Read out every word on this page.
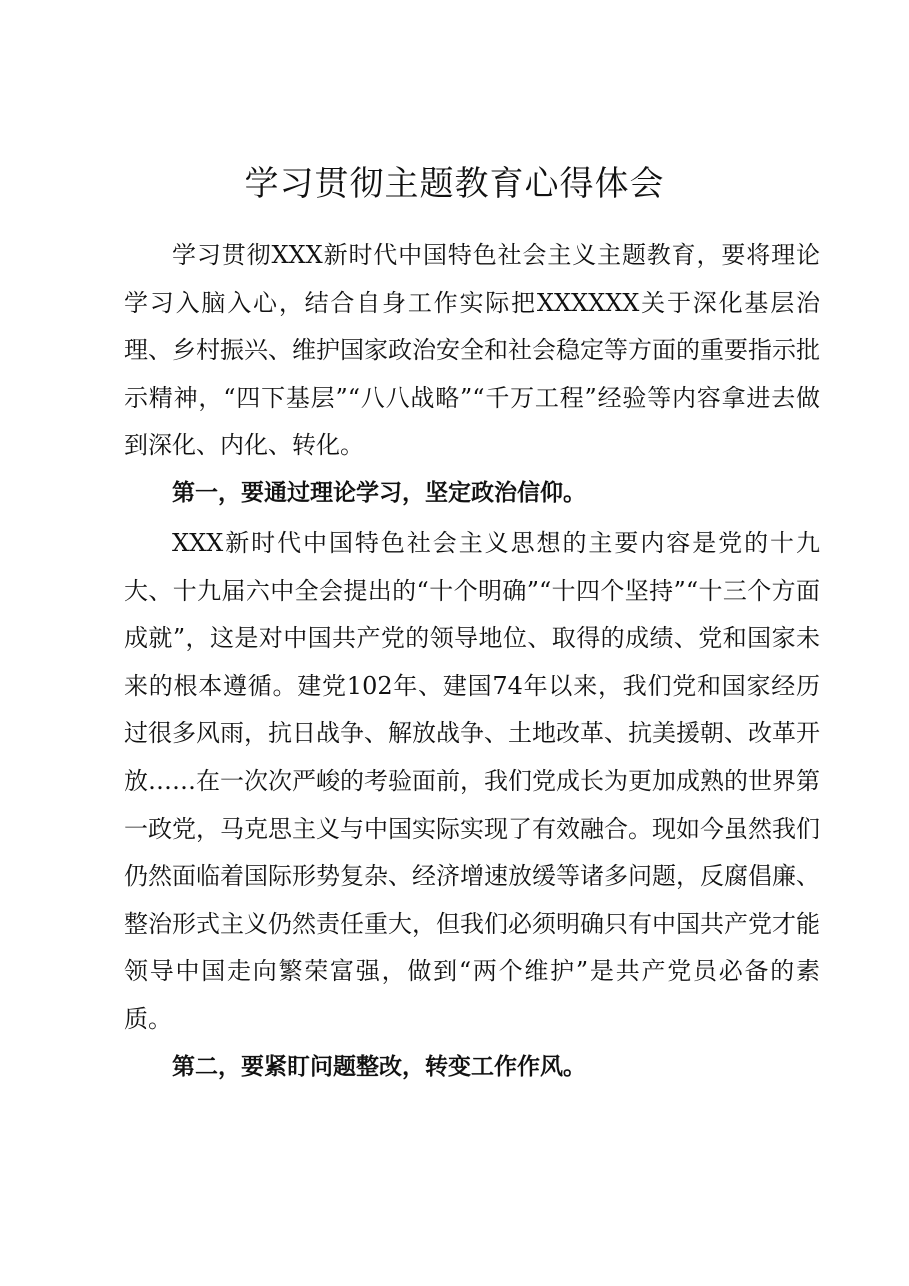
学习贯彻主题教育心得体会

学习贯彻XXX新时代中国特色社会主义主题教育，要将理论学习入脑入心，结合自身工作实际把XXXXXX关于深化基层治理、乡村振兴、维护国家政治安全和社会稳定等方面的重要指示批示精神，“四下基层”“八八战略”“千万工程”经验等内容拿进去做到深化、内化、转化。

第一，要通过理论学习，坚定政治信仰。

XXX新时代中国特色社会主义思想的主要内容是党的十九大、十九届六中全会提出的“十个明确”“十四个坚持”“十三个方面成就”，这是对中国共产党的领导地位、取得的成绩、党和国家未来的根本遵循。建党102年、建国74年以来，我们党和国家经历过很多风雨，抗日战争、解放战争、土地改革、抗美援朝、改革开放……在一次次严峻的考验面前，我们党成长为更加成熟的世界第一政党，马克思主义与中国实际实现了有效融合。现如今虽然我们仍然面临着国际形势复杂、经济增速放缓等诸多问题，反腐倡廉、整治形式主义仍然责任重大，但我们必须明确只有中国共产党才能领导中国走向繁荣富强，做到“两个维护”是共产党员必备的素质。

第二，要紧盯问题整改，转变工作作风。
